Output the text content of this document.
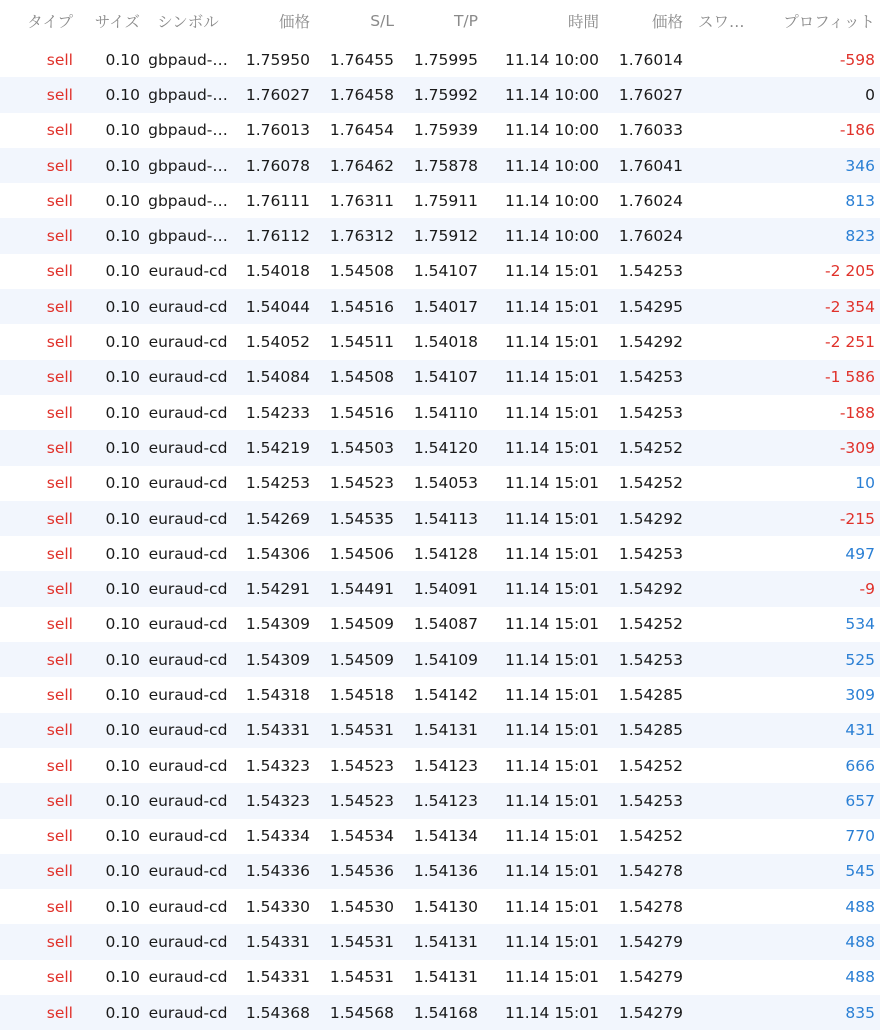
タイプ	サイズ	シンボル	価格	S/L	T/P	時間	価格 スワ…	プロフィット
sell	0.10 gbpaud-…	1.75950	1.76455	1.75995	11.14 10:00	1.76014	-598
sell	0.10 gbpaud-…	1.76027	1.76458	1.75992	11.14 10:00	1.76027	0
sell	0.10 gbpaud-…	1.76013	1.76454	1.75939	11.14 10:00	1.76033	-186
sell	0.10 gbpaud-…	1.76078	1.76462	1.75878	11.14 10:00	1.76041	346
sell	0.10 gbpaud-…	1.76111	1.76311	1.75911	11.14 10:00	1.76024	813
sell	0.10 gbpaud-…	1.76112	1.76312	1.75912	11.14 10:00	1.76024	823
sell	0.10 euraud-cd	1.54018	1.54508	1.54107	11.14 15:01	1.54253	-2 205
sell	0.10 euraud-cd	1.54044	1.54516	1.54017	11.14 15:01	1.54295	-2 354
sell	0.10 euraud-cd	1.54052	1.54511	1.54018	11.14 15:01	1.54292	-2 251
sell	0.10 euraud-cd	1.54084	1.54508	1.54107	11.14 15:01	1.54253	-1 586
sell	0.10 euraud-cd	1.54233	1.54516	1.54110	11.14 15:01	1.54253	-188
sell	0.10 euraud-cd	1.54219	1.54503	1.54120	11.14 15:01	1.54252	-309
sell	0.10 euraud-cd	1.54253	1.54523	1.54053	11.14 15:01	1.54252	10
sell	0.10 euraud-cd	1.54269	1.54535	1.54113	11.14 15:01	1.54292	-215
sell	0.10 euraud-cd	1.54306	1.54506	1.54128	11.14 15:01	1.54253	497
sell	0.10 euraud-cd	1.54291	1.54491	1.54091	11.14 15:01	1.54292	-9
sell	0.10 euraud-cd	1.54309	1.54509	1.54087	11.14 15:01	1.54252	534
sell	0.10 euraud-cd	1.54309	1.54509	1.54109	11.14 15:01	1.54253	525
sell	0.10 euraud-cd	1.54318	1.54518	1.54142	11.14 15:01	1.54285	309
sell	0.10 euraud-cd	1.54331	1.54531	1.54131	11.14 15:01	1.54285	431
sell	0.10 euraud-cd	1.54323	1.54523	1.54123	11.14 15:01	1.54252	666
sell	0.10 euraud-cd	1.54323	1.54523	1.54123	11.14 15:01	1.54253	657
sell	0.10 euraud-cd	1.54334	1.54534	1.54134	11.14 15:01	1.54252	770
sell	0.10 euraud-cd	1.54336	1.54536	1.54136	11.14 15:01	1.54278	545
sell	0.10 euraud-cd	1.54330	1.54530	1.54130	11.14 15:01	1.54278	488
sell	0.10 euraud-cd	1.54331	1.54531	1.54131	11.14 15:01	1.54279	488
sell	0.10 euraud-cd	1.54331	1.54531	1.54131	11.14 15:01	1.54279	488
sell	0.10 euraud-cd	1.54368	1.54568	1.54168	11.14 15:01	1.54279	835
